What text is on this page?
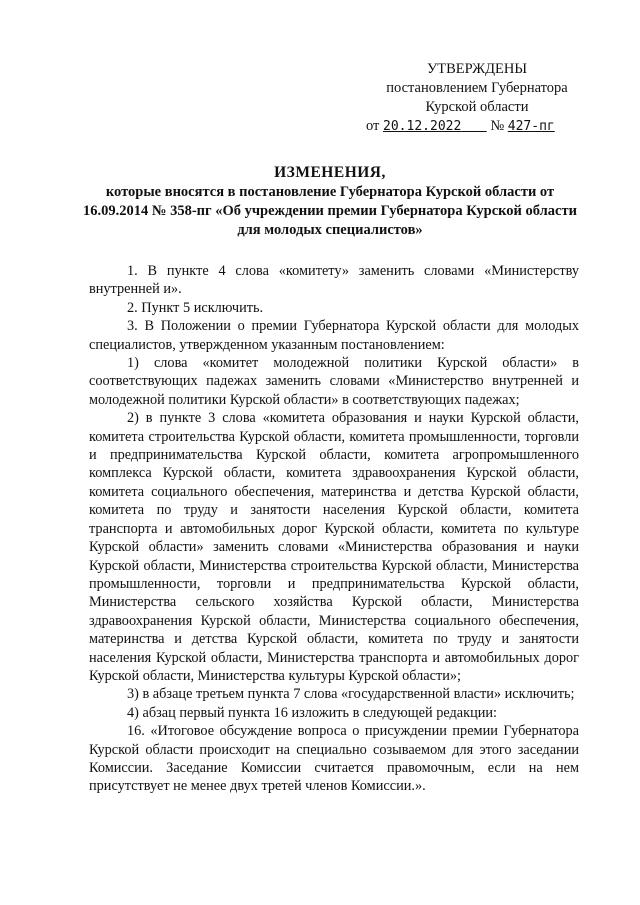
УТВЕРЖДЕНЫ
постановлением Губернатора
Курской области
от 20.12.2022 № 427-пг
ИЗМЕНЕНИЯ,
которые вносятся в постановление Губернатора Курской области от 16.09.2014 № 358-пг «Об учреждении премии Губернатора Курской области для молодых специалистов»

1. В пункте 4 слова «комитету» заменить словами «Министерству внутренней и».

2. Пункт 5 исключить.

3. В Положении о премии Губернатора Курской области для молодых специалистов, утвержденном указанным постановлением:

1) слова «комитет молодежной политики Курской области» в соответствующих падежах заменить словами «Министерство внутренней и молодежной политики Курской области» в соответствующих падежах;

2) в пункте 3 слова «комитета образования и науки Курской области, комитета строительства Курской области, комитета промышленности, торговли и предпринимательства Курской области, комитета агропромышленного комплекса Курской области, комитета здравоохранения Курской области, комитета социального обеспечения, материнства и детства Курской области, комитета по труду и занятости населения Курской области, комитета транспорта и автомобильных дорог Курской области, комитета по культуре Курской области» заменить словами «Министерства образования и науки Курской области, Министерства строительства Курской области, Министерства промышленности, торговли и предпринимательства Курской области, Министерства сельского хозяйства Курской области, Министерства здравоохранения Курской области, Министерства социального обеспечения, материнства и детства Курской области, комитета по труду и занятости населения Курской области, Министерства транспорта и автомобильных дорог Курской области, Министерства культуры Курской области»;

3) в абзаце третьем пункта 7 слова «государственной власти» исключить;

4) абзац первый пункта 16 изложить в следующей редакции:

16. «Итоговое обсуждение вопроса о присуждении премии Губернатора Курской области происходит на специально созываемом для этого заседании Комиссии. Заседание Комиссии считается правомочным, если на нем присутствует не менее двух третей членов Комиссии.».
